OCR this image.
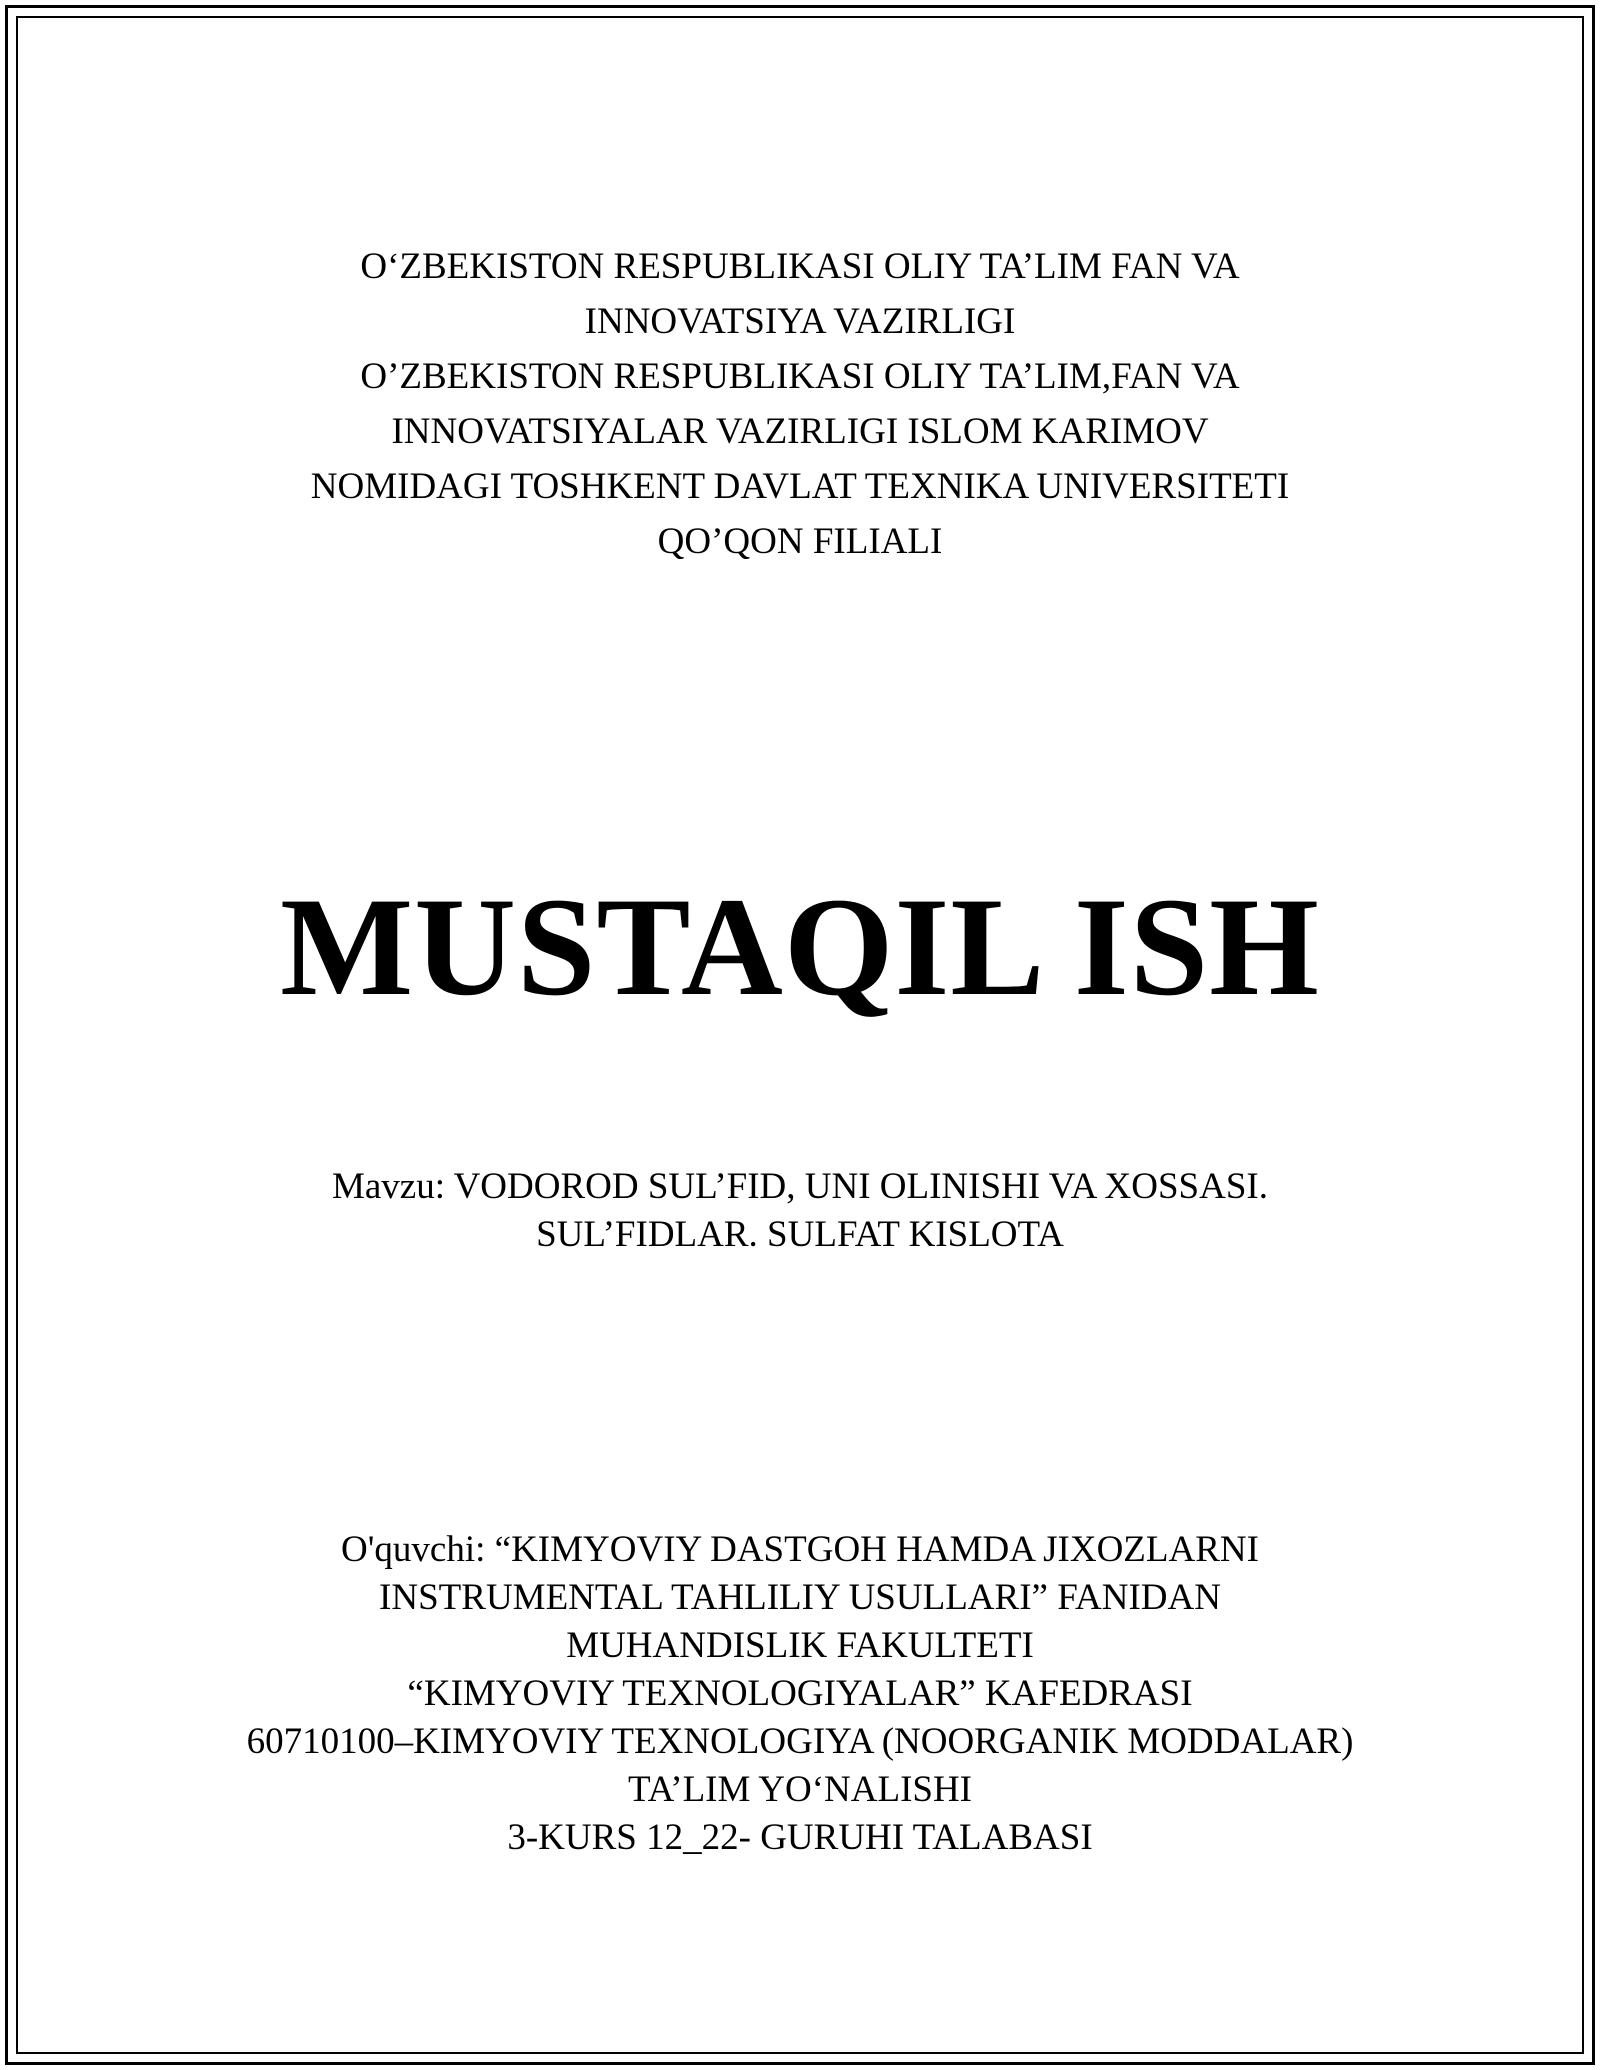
O‘ZBEKISTON RESPUBLIKASI OLIY TA’LIM FAN VA
INNOVATSIYA VAZIRLIGI
O’ZBEKISTON RESPUBLIKASI OLIY TA’LIM,FAN VA
INNOVATSIYALAR VAZIRLIGI ISLOM KARIMOV
NOMIDAGI TOSHKENT DAVLAT TEXNIKA UNIVERSITETI
QO’QON FILIALI
MUSTAQIL ISH
Mavzu: VODOROD SUL’FID, UNI OLINISHI VA XOSSASI.
SUL’FIDLAR. SULFAT KISLOTA
O'quvchi: “KIMYOVIY DASTGOH HAMDA JIXOZLARNI
INSTRUMENTAL TAHLILIY USULLARI” FANIDAN
MUHANDISLIK FAKULTETI
“KIMYOVIY TEXNOLOGIYALAR” KAFEDRASI
60710100–KIMYOVIY TEXNOLOGIYA (NOORGANIK MODDALAR)
TA’LIM YO‘NALISHI
3-KURS 12_22- GURUHI TALABASI
